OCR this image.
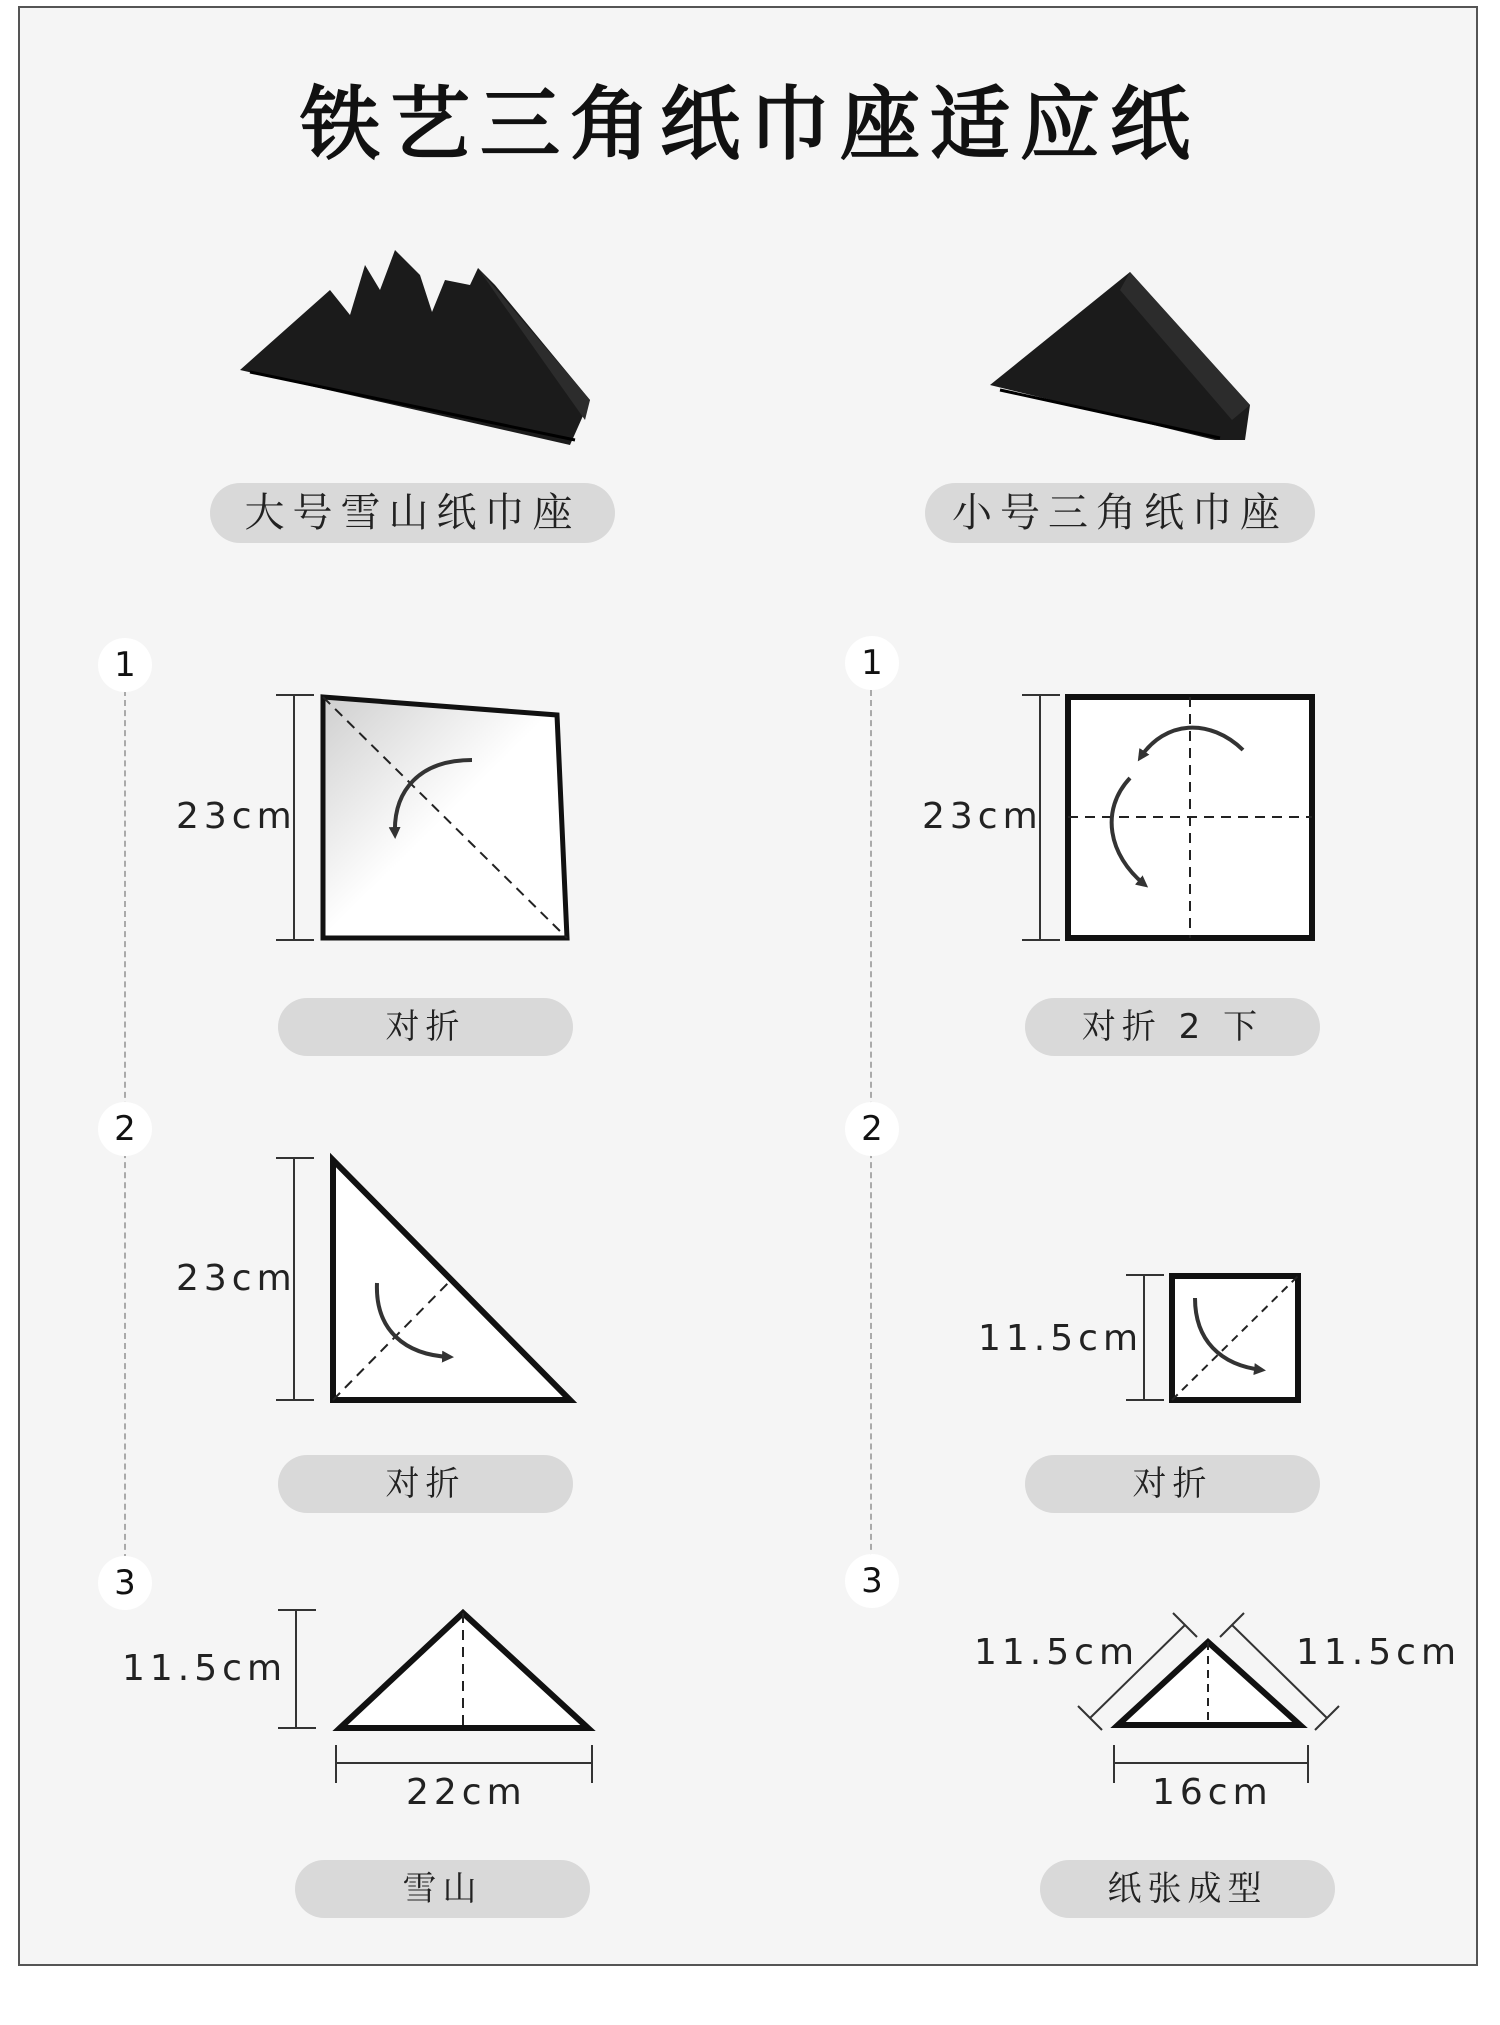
铁艺三角纸巾座适应纸
大号雪山纸巾座	小号三角纸巾座
1
2
3
1
2
3
23cm
23cm
11.5cm
22cm
23cm
11.5cm
11.5cm	11.5cm
16cm
对折
对折
雪山
对折 2 下
对折
纸张成型
